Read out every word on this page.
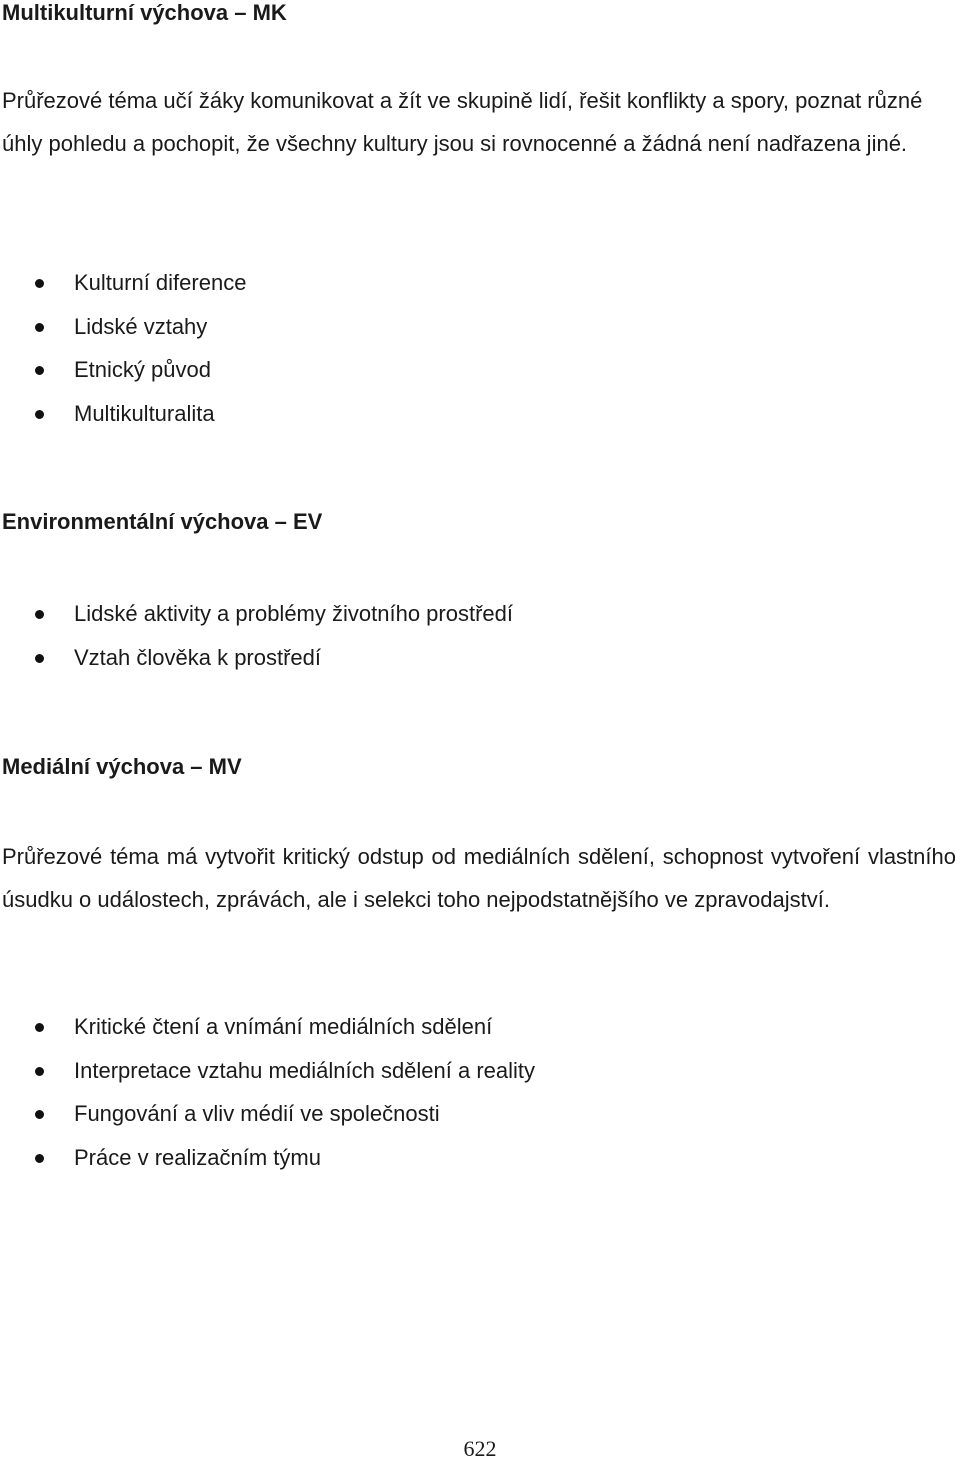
Multikulturní výchova – MK

Průřezové téma učí žáky komunikovat a žít ve skupině lidí, řešit konflikty a spory, poznat různé úhly pohledu a pochopit, že všechny kultury jsou si rovnocenné a žádná není nadřazena jiné.

Kulturní diference
Lidské vztahy
Etnický původ
Multikulturalita
Environmentální výchova – EV
Lidské aktivity a problémy životního prostředí
Vztah člověka k prostředí
Mediální výchova – MV

Průřezové téma má vytvořit kritický odstup od mediálních sdělení, schopnost vytvoření vlastního úsudku o událostech, zprávách, ale i selekci toho nejpodstatnějšího ve zpravodajství.

Kritické čtení a vnímání mediálních sdělení
Interpretace vztahu mediálních sdělení a reality
Fungování a vliv médií ve společnosti
Práce v realizačním týmu
622
